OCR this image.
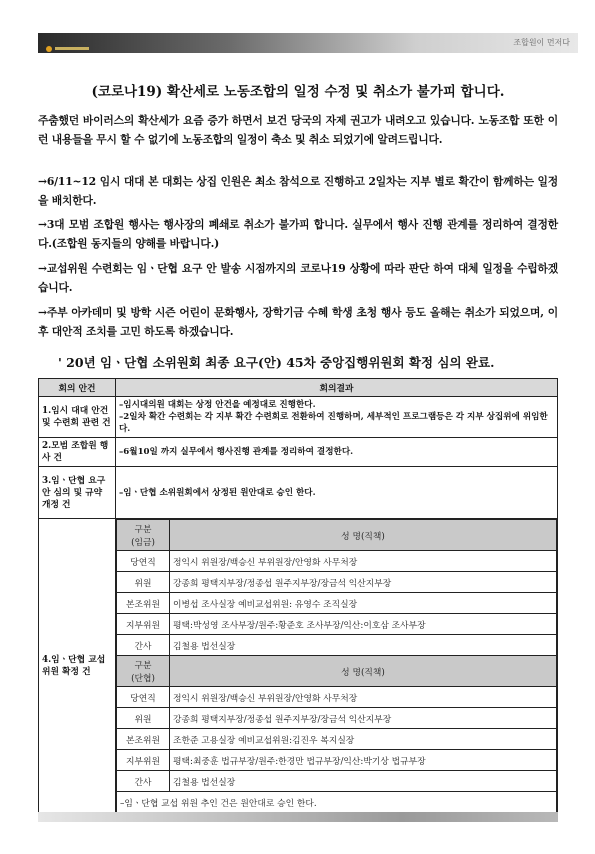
조합원이 먼저다
(코로나19) 확산세로 노동조합의 일정 수정 및 취소가 불가피 합니다.
주춤했던 바이러스의 확산세가 요즘 증가 하면서 보건 당국의 자제 권고가 내려오고 있습니다. 노동조합 또한 이런 내용들을 무시 할 수 없기에 노동조합의 일정이 축소 및 취소 되었기에 알려드립니다.
→6/11~12 임시 대대 본 대회는 상집 인원은 최소 참석으로 진행하고 2일차는 지부 별로 확간이 함께하는 일정을 배치한다.
→3대 모범 조합원 행사는 행사장의 폐쇄로 취소가 불가피 합니다. 실무에서 행사 진행 관계를 정리하여 결정한다.(조합원 동지들의 양해를 바랍니다.)
→교섭위원 수련회는 임ㆍ단협 요구 안 발송 시점까지의 코로나19 상황에 따라 판단 하여 대체 일정을 수립하겠습니다.
→주부 아카데미 및 방학 시즌 어린이 문화행사, 장학기금 수혜 학생 초청 행사 등도 올해는 취소가 되었으며, 이후 대안적 조치를 고민 하도록 하겠습니다.
' 20년 임ㆍ단협 소위원회 최종 요구(안) 45차 중앙집행위원회 확정 심의 완료.
회의 안건	회의결과
1.임시 대대 안건 및 수련회 관련 건	
–임시대의원 대회는 상정 안건을 예정대로 진행한다.
–2일차 확간 수련회는 각 지부 확간 수련회로 전환하여 진행하며, 세부적인 프로그램등은 각 지부 상집위에 위임한다.

2.모범 조합원 행사 건	
–6월10일 까지 실무에서 행사진행 관계를 정리하여 결정한다.

3.임ㆍ단협 요구 안 심의 및 규약 개정 건	
–임ㆍ단협 소위원회에서 상정된 원안대로 승인 한다.

4.임ㆍ단협 교섭위원 확정 건	
구분
(임금)	성 명(직책)
당연직	정익시 위원장/백승신 부위원장/안영화 사무처장
위원	강종희 평택지부장/정종섭 원주지부장/장금석 익산지부장
본조위원	이병섭 조사실장 예비교섭위원: 유영수 조직실장
지부위원	평택:박성영 조사부장/원주:황준호 조사부장/익산:이호삼 조사부장
간사	김철용 법선실장
구분
(단협)	성 명(직책)
당연직	정익시 위원장/백승신 부위원장/안영화 사무처장
위원	강종희 평택지부장/정종섭 원주지부장/장금석 익산지부장
본조위원	조한준 고용실장 예비교섭위원:김진우 복지실장
지부위원	평택:최중훈 법규부장/원주:한경만 법규부장/익산:박기상 법규부장
간사	김철용 법선실장
–임ㆍ단협 교섭 위원 추인 건은 원안대로 승인 한다.
